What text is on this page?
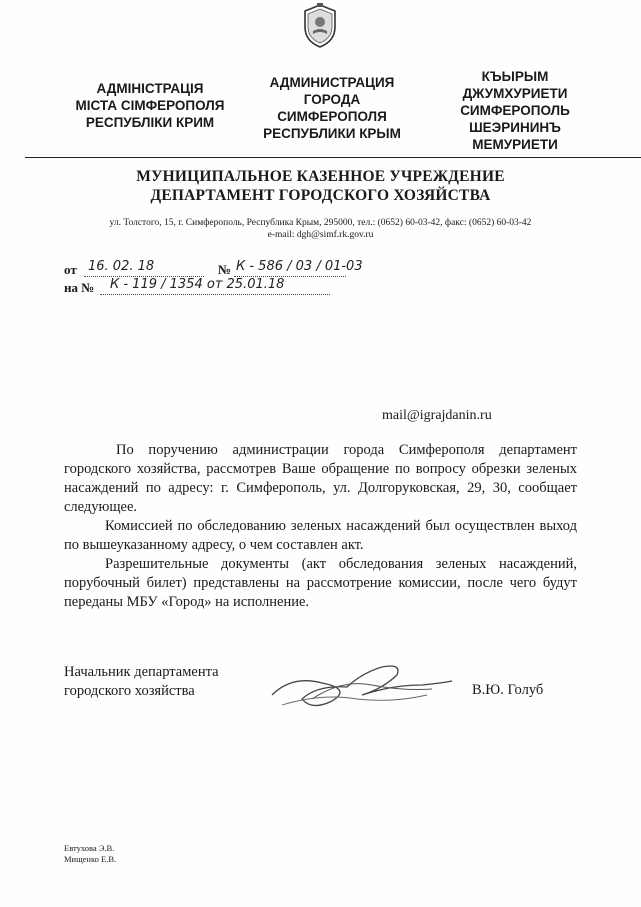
АДМІНІСТРАЦІЯ
МІСТА СІМФЕРОПОЛЯ
РЕСПУБЛІКИ КРИМ
АДМИНИСТРАЦИЯ
ГОРОДА
СИМФЕРОПОЛЯ
РЕСПУБЛИКИ КРЫМ
КЪЫРЫМ
ДЖУМХУРИЕТИ
СИМФЕРОПОЛЬ
ШЕЭРИНИНЪ
МЕМУРИЕТИ
МУНИЦИПАЛЬНОЕ КАЗЕННОЕ УЧРЕЖДЕНИЕ
ДЕПАРТАМЕНТ ГОРОДСКОГО ХОЗЯЙСТВА
ул. Толстого, 15, г. Симферополь, Республика Крым, 295000, тел.: (0652) 60-03-42, факс: (0652) 60-03-42
e-mail: dgh@simf.rk.gov.ru
от 16. 02. 18	№ К - 586 / 03 / 01-03
на № К - 119 / 1354 от 25.01.18
mail@igrajdanin.ru
По поручению администрации города Симферополя департамент городского хозяйства, рассмотрев Ваше обращение по вопросу обрезки зеленых насаждений по адресу: г. Симферополь, ул. Долгоруковская, 29, 30, сообщает следующее.
Комиссией по обследованию зеленых насаждений был осуществлен выход по вышеуказанному адресу, о чем составлен акт.
Разрешительные документы (акт обследования зеленых насаждений, порубочный билет) представлены на рассмотрение комиссии, после чего будут переданы МБУ «Город» на исполнение.
Начальник департамента
городского хозяйства	В.Ю. Голуб
Евтухова Э.В.
Мищенко Е.В.
